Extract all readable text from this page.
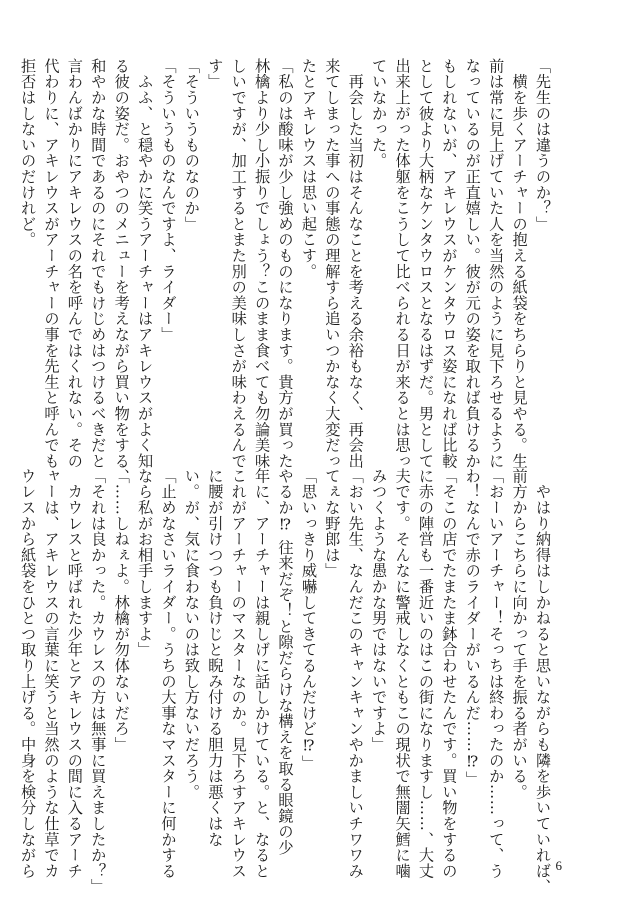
「先生のは違うのか？」
　横を歩くアーチャーの抱える紙袋をちらりと見やる。生
前は常に見上げていた人を当然のように見下ろせるように
なっているのが正直嬉しい。彼が元の姿を取れば負けるか
もしれないが、アキレウスがケンタウロス姿になれば比較
として彼より大柄なケンタウロスとなるはずだ。男として
出来上がった体躯をこうして比べられる日が来るとは思っ
ていなかった。
　再会した当初はそんなことを考える余裕もなく、再会出
来てしまった事への事態の理解すら追いつかなく大変だっ
たとアキレウスは思い起こす。
「私のは酸味が少し強めのものになります。貴方が買った
林檎より少し小振りでしょう？このまま食べても勿論美味
しいですが、加工するとまた別の美味しさが味わえるんで
す」
「そういうものなのか」
「そういうものなんですよ、ライダー」
　ふふ、と穏やかに笑うアーチャーはアキレウスがよく知
る彼の姿だ。おやつのメニューを考えながら買い物をする、
和やかな時間であるのにそれでもけじめはつけるべきだと
言わんばかりにアキレウスの名を呼んではくれない。その
代わりに、アキレウスがアーチャーの事を先生と呼んでも
拒否はしないのだけれど。
　やはり納得はしかねると思いながらも隣を歩いていれば、
前方からこちらに向かって手を振る者がいる。
「おーいアーチャー！そっちは終わったのか……って、う
わ！なんで赤のライダーがいるんだ……⁉」
「そこの店でたまたま鉢合わせたんです。買い物をするの
に赤の陣営も一番近いのはこの街になりますし……、大丈
夫です。そんなに警戒しなくともこの現状で無闇矢鱈に噛
みつくような愚かな男ではないですよ」
「おい先生、なんだこのキャンキャンやかましいチワワみ
てぇな野郎は」
「思いっきり威嚇してきてるんだけど⁉」
やるか⁉ 往来だぞ！と隙だらけな構えを取る眼鏡の少
年に、アーチャーは親しげに話しかけている。と、なると
これがアーチャーのマスターなのか。見下ろすアキレウス
に腰が引けつつも負けじと睨み付ける胆力は悪くはな
い。が、気に食わないのは致し方ないだろう。
「止めなさいライダー。うちの大事なマスターに何かする
なら私がお相手しますよ」
「……しねぇよ。林檎が勿体ないだろ」
「それは良かった。カウレスの方は無事に買えましたか？」
　カウレスと呼ばれた少年とアキレウスの間に入るアーチ
ャーは、アキレウスの言葉に笑うと当然のような仕草でカ
ウレスから紙袋をひとつ取り上げる。中身を検分しながら	6
